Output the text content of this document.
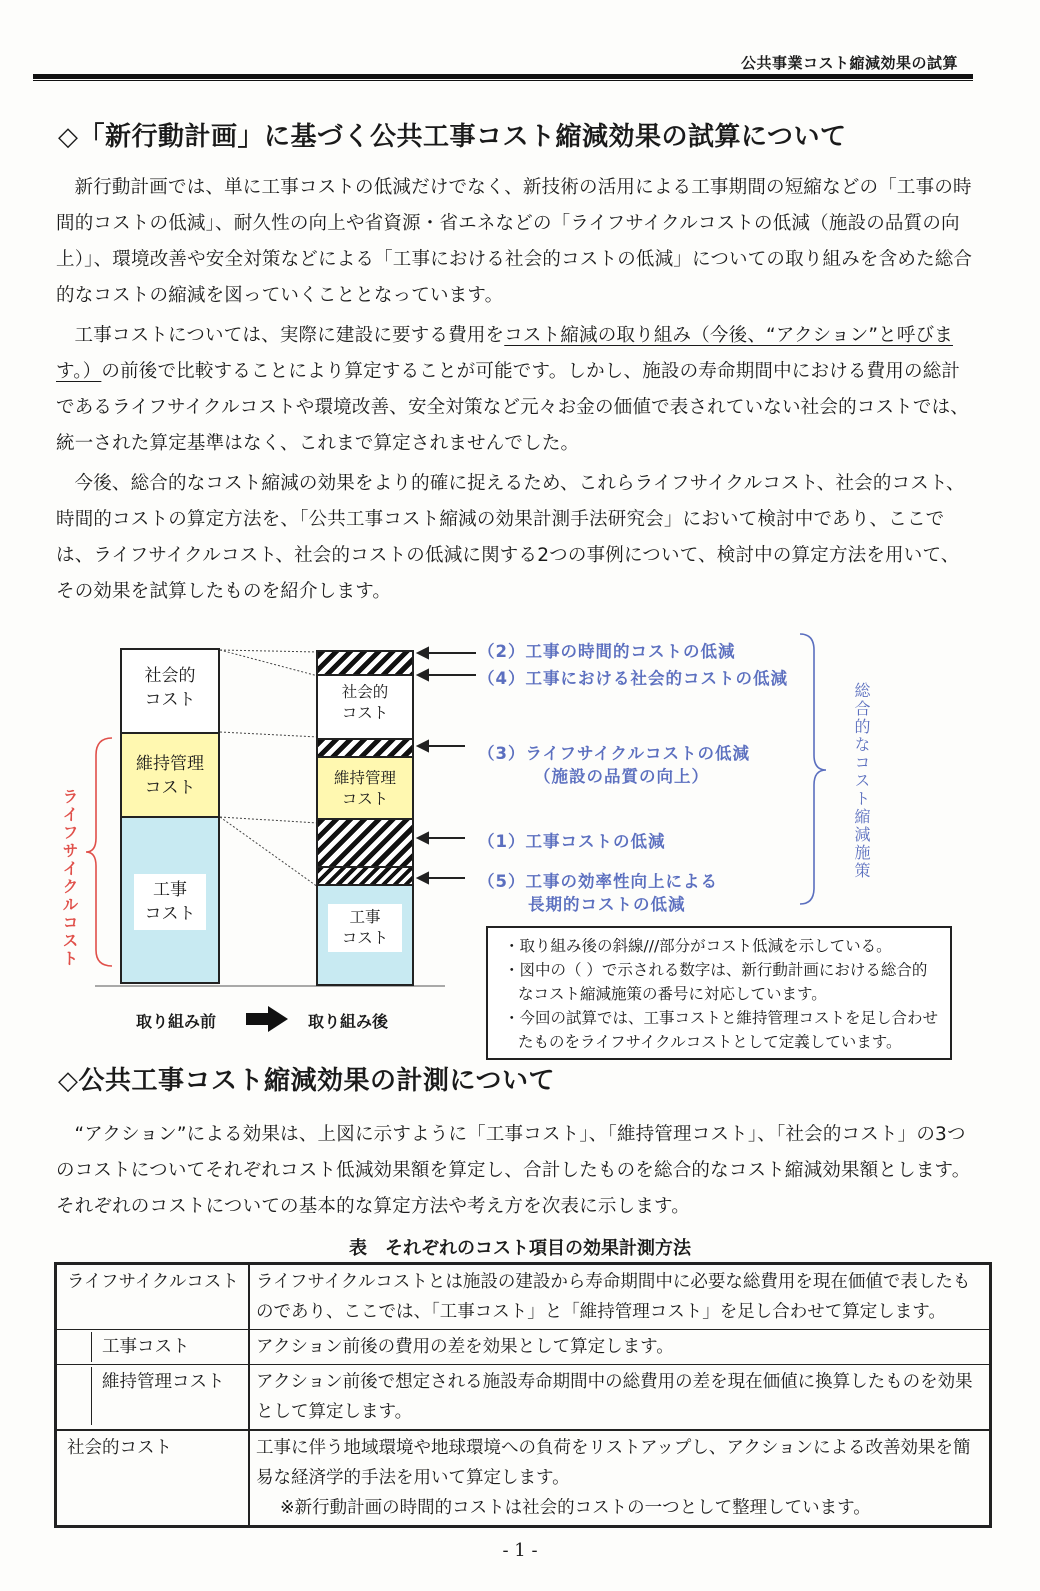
公共事業コスト縮減効果の試算
◇「新行動計画」に基づく公共工事コスト縮減効果の試算について

新行動計画では、単に工事コストの低減だけでなく、新技術の活用による工事期間の短縮などの「工事の時間的コストの低減」、耐久性の向上や省資源・省エネなどの「ライフサイクルコストの低減（施設の品質の向上）」、環境改善や安全対策などによる「工事における社会的コストの低減」についての取り組みを含めた総合的なコストの縮減を図っていくこととなっています。

工事コストについては、実際に建設に要する費用をコスト縮減の取り組み（今後、“アクション”と呼びます。）の前後で比較することにより算定することが可能です。しかし、施設の寿命期間中における費用の総計であるライフサイクルコストや環境改善、安全対策など元々お金の価値で表されていない社会的コストでは、統一された算定基準はなく、これまで算定されませんでした。

今後、総合的なコスト縮減の効果をより的確に捉えるため、これらライフサイクルコスト、社会的コスト、時間的コストの算定方法を、「公共工事コスト縮減の効果計測手法研究会」において検討中であり、ここでは、ライフサイクルコスト、社会的コストの低減に関する2つの事例について、検討中の算定方法を用いて、その効果を試算したものを紹介します。

社会的
コスト
維持管理
コスト
工事
コスト
社会的
コスト
維持管理
コスト
工事
コスト
ライフサイクルコスト
（2）工事の時間的コストの低減
（4）工事における社会的コストの低減
（3）ライフサイクルコストの低減
（施設の品質の向上）
（1）工事コストの低減
（5）工事の効率性向上による
長期的コストの低減
総合的なコスト縮減施策
取り組み前	取り組み後
・取り組み後の斜線///部分がコスト低減を示している。
・図中の（ ）で示される数字は、新行動計画における総合的なコスト縮減施策の番号に対応しています。
・今回の試算では、工事コストと維持管理コストを足し合わせたものをライフサイクルコストとして定義しています。
◇公共工事コスト縮減効果の計測について

“アクション”による効果は、上図に示すように「工事コスト」、「維持管理コスト」、「社会的コスト」の3つのコストについてそれぞれコスト低減効果額を算定し、合計したものを総合的なコスト縮減効果額とします。それぞれのコストについての基本的な算定方法や考え方を次表に示します。

表　それぞれのコスト項目の効果計測方法
ライフサイクルコスト	ライフサイクルコストとは施設の建設から寿命期間中に必要な総費用を現在価値で表したものであり、ここでは、「工事コスト」と「維持管理コスト」を足し合わせて算定します。
工事コスト	アクション前後の費用の差を効果として算定します。
維持管理コスト	アクション前後で想定される施設寿命期間中の総費用の差を現在価値に換算したものを効果として算定します。
社会的コスト	工事に伴う地域環境や地球環境への負荷をリストアップし、アクションによる改善効果を簡易な経済学的手法を用いて算定します。
※新行動計画の時間的コストは社会的コストの一つとして整理しています。
- 1 -
